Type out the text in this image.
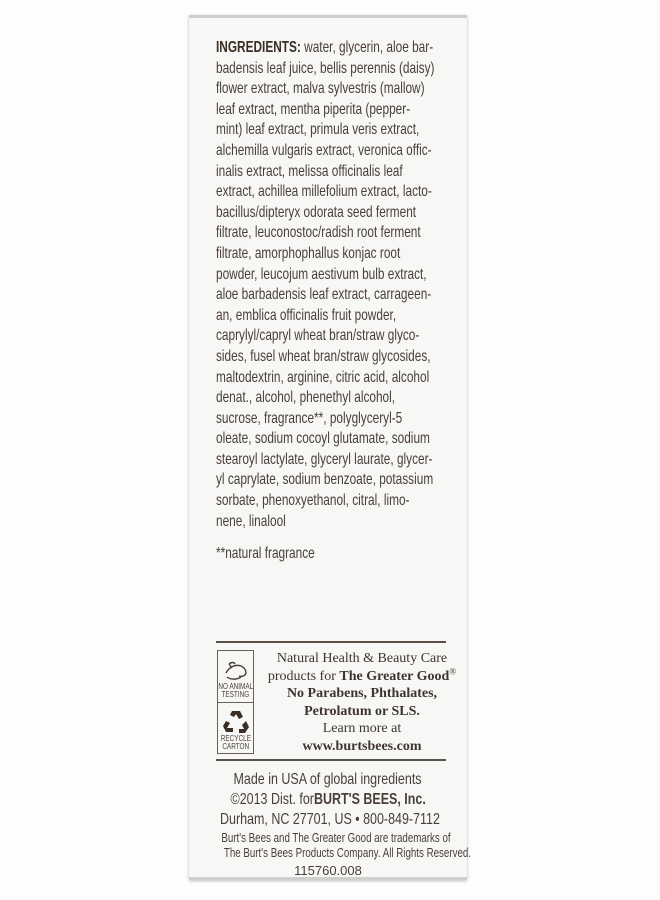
INGREDIENTS: water, glycerin, aloe bar-
badensis leaf juice, bellis perennis (daisy)
flower extract, malva sylvestris (mallow)
leaf extract, mentha piperita (pepper-
mint) leaf extract, primula veris extract,
alchemilla vulgaris extract, veronica offic-
inalis extract, melissa officinalis leaf
extract, achillea millefolium extract, lacto-
bacillus/dipteryx odorata seed ferment
filtrate, leuconostoc/radish root ferment
filtrate, amorphophallus konjac root
powder, leucojum aestivum bulb extract,
aloe barbadensis leaf extract, carrageen-
an, emblica officinalis fruit powder,
caprylyl/capryl wheat bran/straw glyco-
sides, fusel wheat bran/straw glycosides,
maltodextrin, arginine, citric acid, alcohol
denat., alcohol, phenethyl alcohol,
sucrose, fragrance**, polyglyceryl-5
oleate, sodium cocoyl glutamate, sodium
stearoyl lactylate, glyceryl laurate, glycer-
yl caprylate, sodium benzoate, potassium
sorbate, phenoxyethanol, citral, limo-
nene, linalool
**natural fragrance
NO ANIMAL
TESTING
RECYCLE
CARTON
Natural Health & Beauty Care
products for The Greater Good®
No Parabens, Phthalates,
Petrolatum or SLS.
Learn more at
www.burtsbees.com
Made in USA of global ingredients
©2013 Dist. forBURT'S BEES, Inc.
Durham, NC 27701, US • 800-849-7112
Burt's Bees and The Greater Good are trademarks of
The Burt's Bees Products Company. All Rights Reserved.
115760.008
